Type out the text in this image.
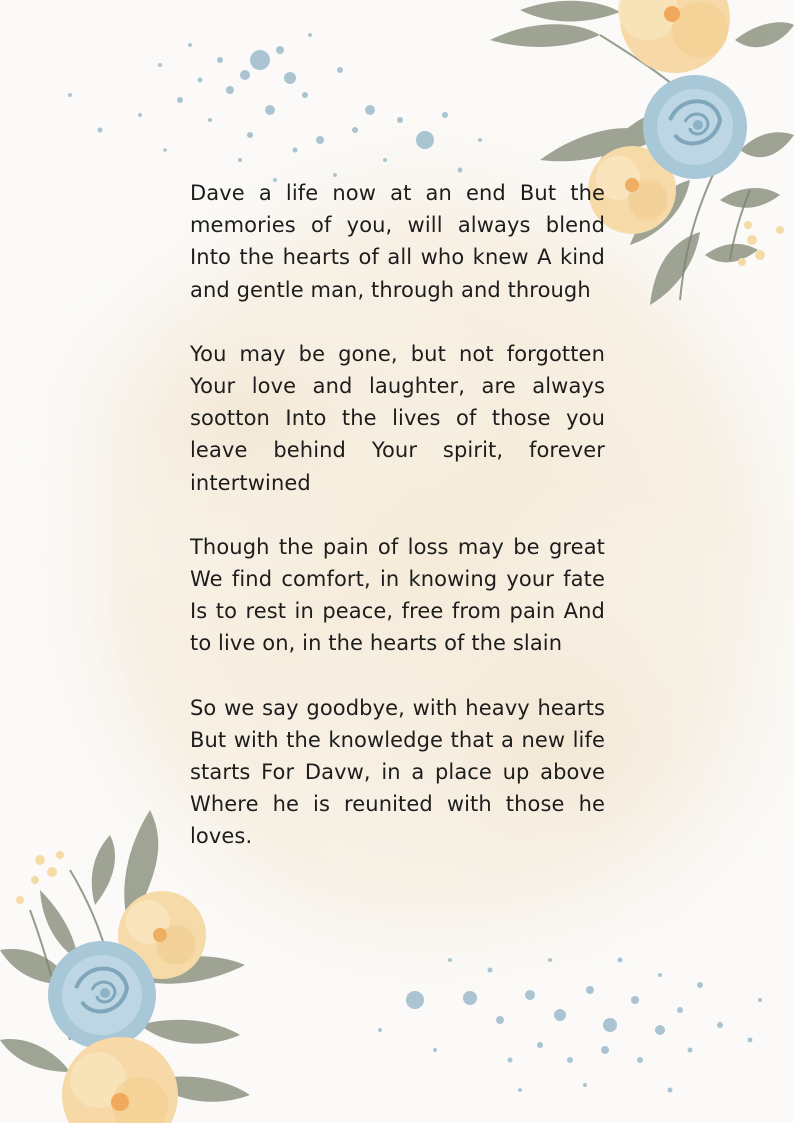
Dave a life now at an end But the memories of you, will always blend Into the hearts of all who knew A kind and gentle man, through and through

You may be gone, but not forgotten Your love and laughter, are always sootton Into the lives of those you leave behind Your spirit, forever intertwined

Though the pain of loss may be great We find comfort, in knowing your fate Is to rest in peace, free from pain And to live on, in the hearts of the slain

So we say goodbye, with heavy hearts But with the knowledge that a new life starts For Davw, in a place up above Where he is reunited with those he loves.
